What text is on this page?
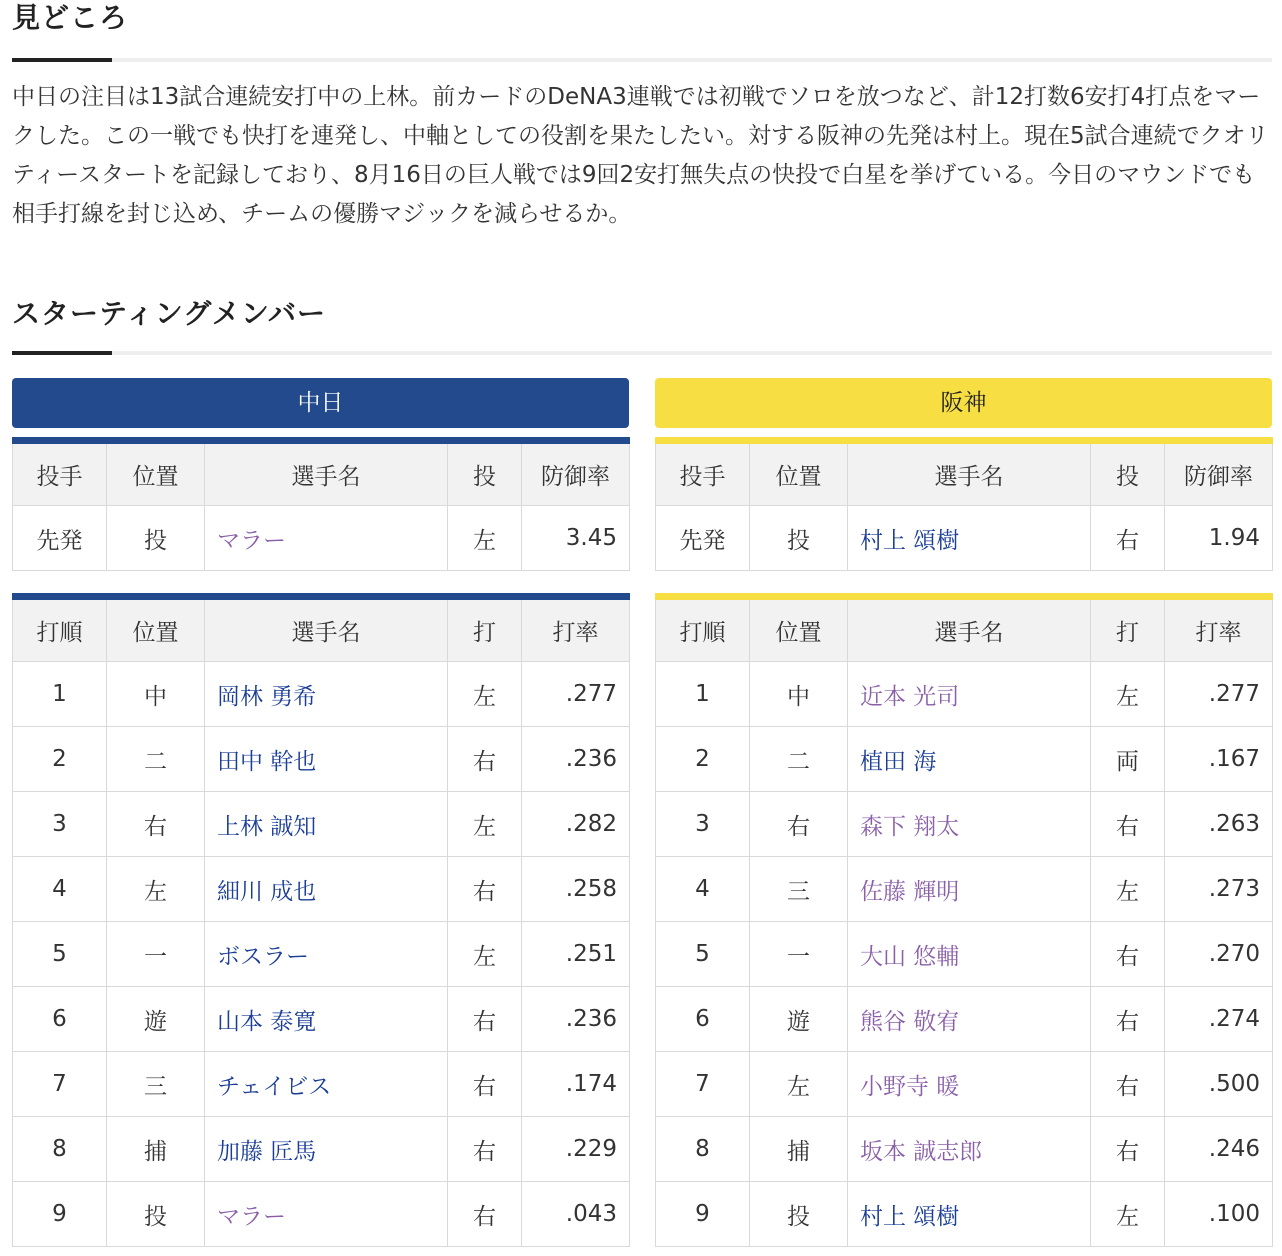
見どころ

中日の注目は13試合連続安打中の上林。前カードのDeNA3連戦では初戦でソロを放つなど、計12打数6安打4打点をマークした。この一戦でも快打を連発し、中軸としての役割を果たしたい。対する阪神の先発は村上。現在5試合連続でクオリティースタートを記録しており、8月16日の巨人戦では9回2安打無失点の快投で白星を挙げている。今日のマウンドでも相手打線を封じ込め、チームの優勝マジックを減らせるか。

スターティングメンバー
中日
投手	位置	選手名	投	防御率
先発	投	マラー	左	3.45
打順	位置	選手名	打	打率
1	中	岡林 勇希	左	.277
2	二	田中 幹也	右	.236
3	右	上林 誠知	左	.282
4	左	細川 成也	右	.258
5	一	ボスラー	左	.251
6	遊	山本 泰寛	右	.236
7	三	チェイビス	右	.174
8	捕	加藤 匠馬	右	.229
9	投	マラー	右	.043
阪神
投手	位置	選手名	投	防御率
先発	投	村上 頌樹	右	1.94
打順	位置	選手名	打	打率
1	中	近本 光司	左	.277
2	二	植田 海	両	.167
3	右	森下 翔太	右	.263
4	三	佐藤 輝明	左	.273
5	一	大山 悠輔	右	.270
6	遊	熊谷 敬宥	右	.274
7	左	小野寺 暖	右	.500
8	捕	坂本 誠志郎	右	.246
9	投	村上 頌樹	左	.100
